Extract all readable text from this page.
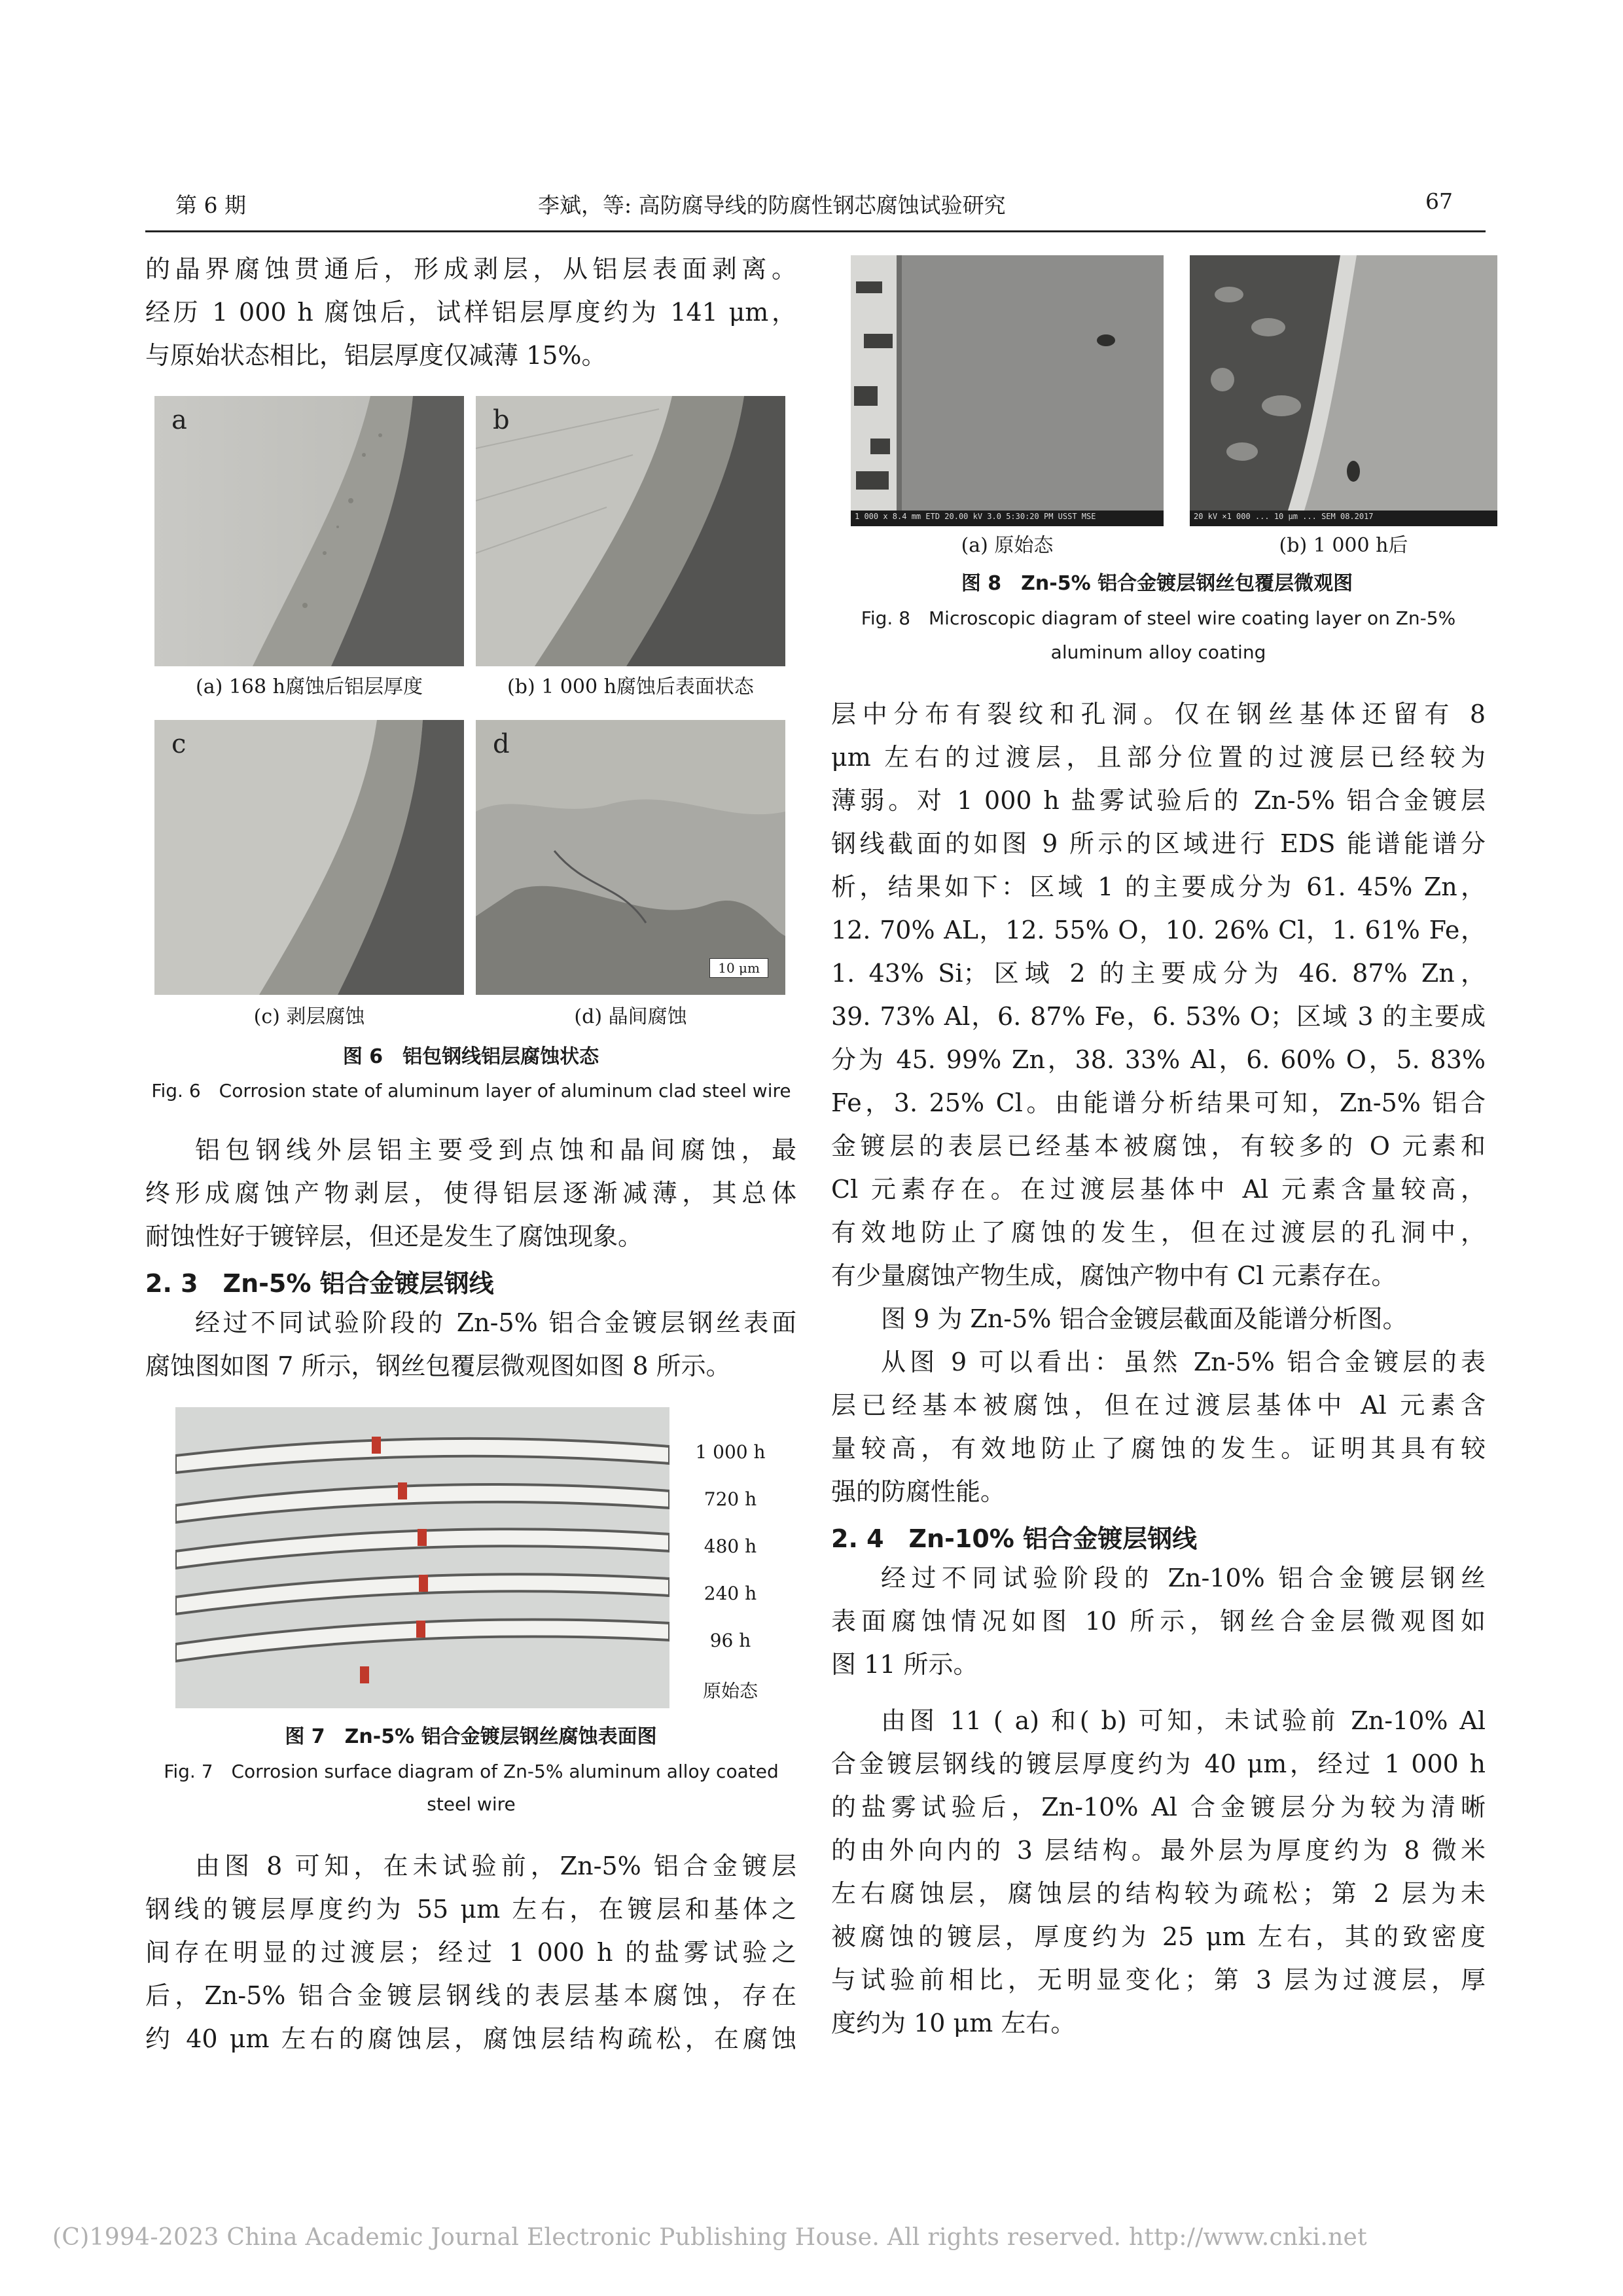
第 6 期	李斌，等: 高防腐导线的防腐性钢芯腐蚀试验研究	67

的晶界腐蚀贯通后，形成剥层，从铝层表面剥离。

经历 1 000 h 腐蚀后，试样铝层厚度约为 141 μm，

与原始状态相比，铝层厚度仅减薄 15%。

a
(a) 168 h腐蚀后铝层厚度
b
(b) 1 000 h腐蚀后表面状态
c
(c) 剥层腐蚀
d
10 μm
(d) 晶间腐蚀
图 6　铝包钢线铝层腐蚀状态
Fig. 6　Corrosion state of aluminum layer of aluminum clad steel wire

铝包钢线外层铝主要受到点蚀和晶间腐蚀，最

终形成腐蚀产物剥层，使得铝层逐渐减薄，其总体

耐蚀性好于镀锌层，但还是发生了腐蚀现象。

2. 3　Zn-5% 铝合金镀层钢线

经过不同试验阶段的 Zn-5% 铝合金镀层钢丝表面

腐蚀图如图 7 所示，钢丝包覆层微观图如图 8 所示。

1 000 h
720 h
480 h
240 h
96 h
原始态
图 7　Zn-5% 铝合金镀层钢丝腐蚀表面图
Fig. 7　Corrosion surface diagram of Zn-5% aluminum alloy coated
steel wire

由图 8 可知，在未试验前，Zn-5% 铝合金镀层

钢线的镀层厚度约为 55 μm 左右，在镀层和基体之

间存在明显的过渡层；经过 1 000 h 的盐雾试验之

后，Zn-5% 铝合金镀层钢线的表层基本腐蚀，存在

约 40 μm 左右的腐蚀层，腐蚀层结构疏松，在腐蚀

1 000 x 8.4 mm ETD 20.00 kV 3.0 5:30:20 PM USST MSE
(a) 原始态
20 kV ×1 000 ... 10 μm ... SEM 08.2017
(b) 1 000 h后
图 8　Zn-5% 铝合金镀层钢丝包覆层微观图
Fig. 8　Microscopic diagram of steel wire coating layer on Zn-5%
aluminum alloy coating

层中分布有裂纹和孔洞。仅在钢丝基体还留有 8

μm 左右的过渡层，且部分位置的过渡层已经较为

薄弱。对 1 000 h 盐雾试验后的 Zn-5% 铝合金镀层

钢线截面的如图 9 所示的区域进行 EDS 能谱能谱分

析，结果如下：区域 1 的主要成分为 61. 45% Zn，

12. 70% AL，12. 55% O，10. 26% Cl，1. 61% Fe，

1. 43% Si；区域 2 的主要成分为 46. 87% Zn，

39. 73% Al，6. 87% Fe，6. 53% O；区域 3 的主要成

分为 45. 99% Zn，38. 33% Al，6. 60% O，5. 83%

Fe，3. 25% Cl。由能谱分析结果可知，Zn-5% 铝合

金镀层的表层已经基本被腐蚀，有较多的 O 元素和

Cl 元素存在。在过渡层基体中 Al 元素含量较高，

有效地防止了腐蚀的发生，但在过渡层的孔洞中，

有少量腐蚀产物生成，腐蚀产物中有 Cl 元素存在。

图 9 为 Zn-5% 铝合金镀层截面及能谱分析图。

从图 9 可以看出：虽然 Zn-5% 铝合金镀层的表

层已经基本被腐蚀，但在过渡层基体中 Al 元素含

量较高，有效地防止了腐蚀的发生。证明其具有较

强的防腐性能。

2. 4　Zn-10% 铝合金镀层钢线

经过不同试验阶段的 Zn-10% 铝合金镀层钢丝

表面腐蚀情况如图 10 所示，钢丝合金层微观图如

图 11 所示。

由图 11 ( a) 和( b) 可知，未试验前 Zn-10% Al

合金镀层钢线的镀层厚度约为 40 μm，经过 1 000 h

的盐雾试验后，Zn-10% Al 合金镀层分为较为清晰

的由外向内的 3 层结构。最外层为厚度约为 8 微米

左右腐蚀层，腐蚀层的结构较为疏松；第 2 层为未

被腐蚀的镀层，厚度约为 25 μm 左右，其的致密度

与试验前相比，无明显变化；第 3 层为过渡层，厚

度约为 10 μm 左右。

(C)1994-2023 China Academic Journal Electronic Publishing House. All rights reserved. http://www.cnki.net
